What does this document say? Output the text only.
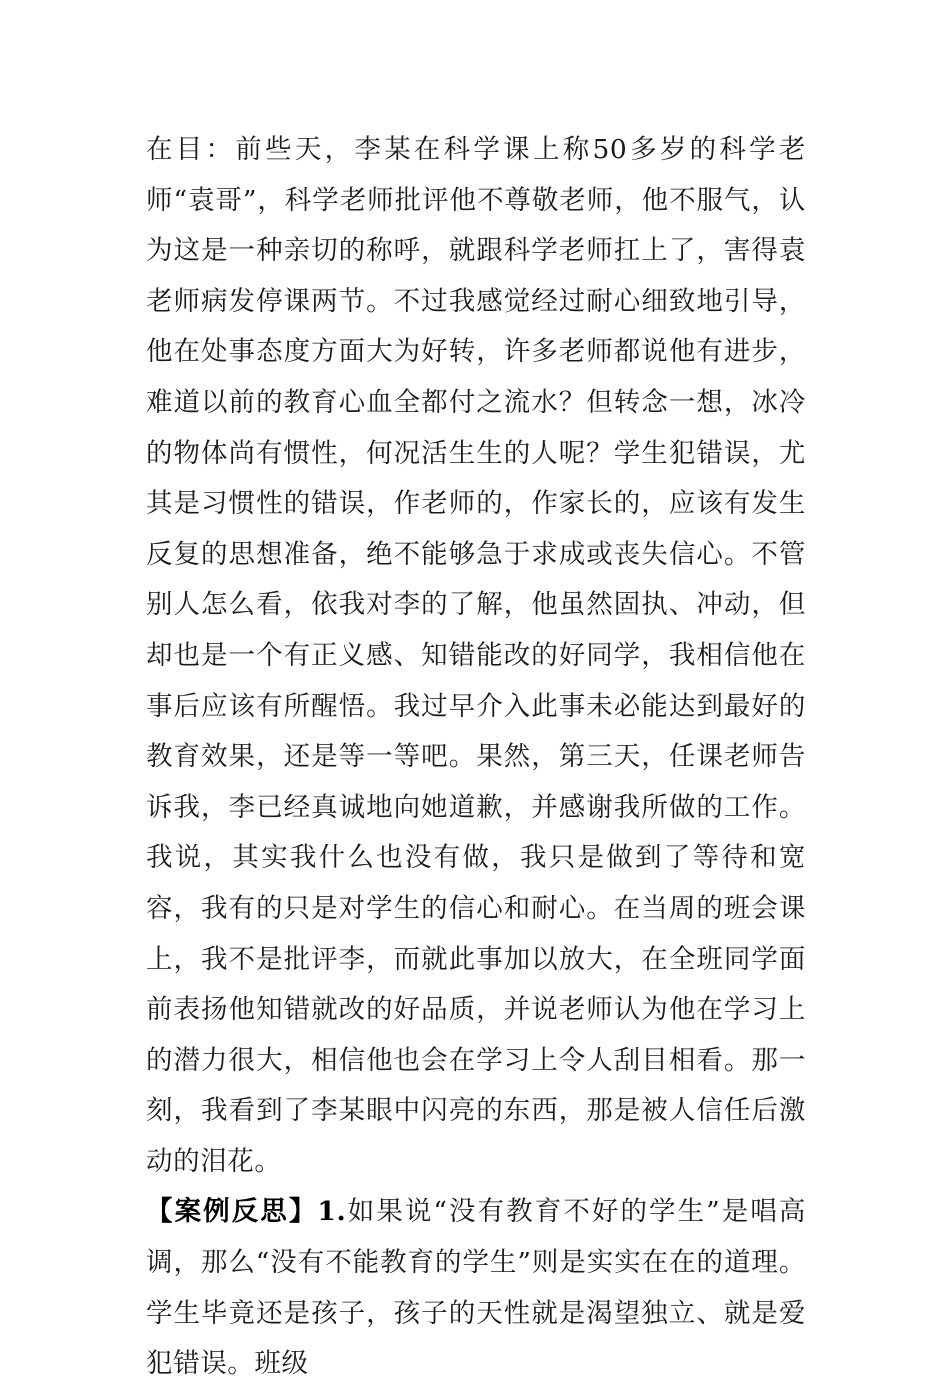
在目：前些天，李某在科学课上称50多岁的科学老师“袁哥”，科学老师批评他不尊敬老师，他不服气，认为这是一种亲切的称呼，就跟科学老师扛上了，害得袁老师病发停课两节。不过我感觉经过耐心细致地引导，他在处事态度方面大为好转，许多老师都说他有进步，难道以前的教育心血全都付之流水？但转念一想，冰冷的物体尚有惯性，何况活生生的人呢？学生犯错误，尤其是习惯性的错误，作老师的，作家长的，应该有发生反复的思想准备，绝不能够急于求成或丧失信心。不管别人怎么看，依我对李的了解，他虽然固执、冲动，但却也是一个有正义感、知错能改的好同学，我相信他在事后应该有所醒悟。我过早介入此事未必能达到最好的教育效果，还是等一等吧。果然，第三天，任课老师告诉我，李已经真诚地向她道歉，并感谢我所做的工作。我说，其实我什么也没有做，我只是做到了等待和宽容，我有的只是对学生的信心和耐心。在当周的班会课上，我不是批评李，而就此事加以放大，在全班同学面前表扬他知错就改的好品质，并说老师认为他在学习上的潜力很大，相信他也会在学习上令人刮目相看。那一刻，我看到了李某眼中闪亮的东西，那是被人信任后激动的泪花。

【案例反思】1.如果说“没有教育不好的学生”是唱高调，那么“没有不能教育的学生”则是实实在在的道理。学生毕竟还是孩子，孩子的天性就是渴望独立、就是爱犯错误。班级
